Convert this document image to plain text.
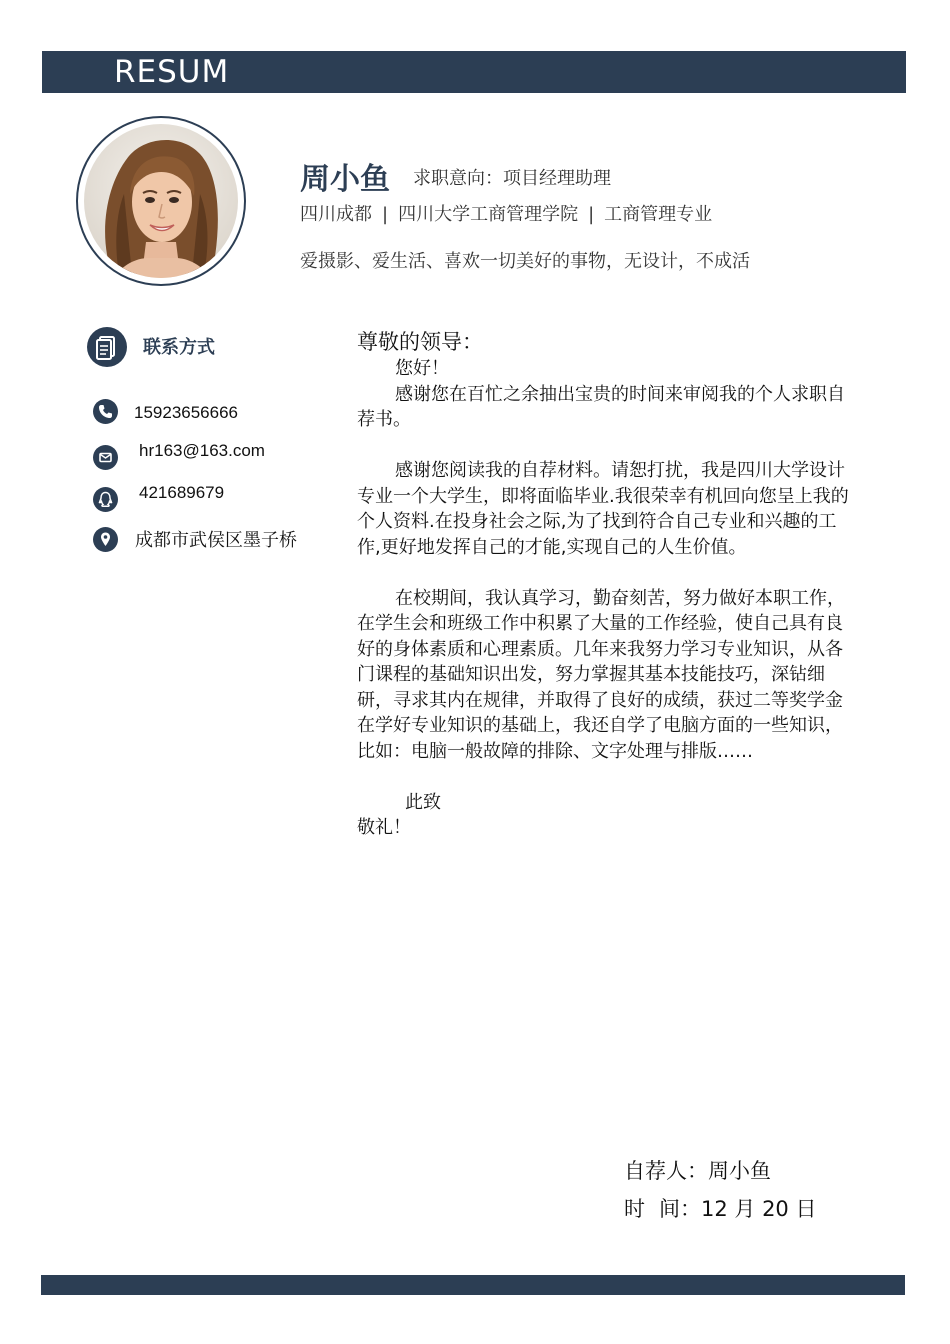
RESUM
周小鱼 求职意向：项目经理助理
四川成都 | 四川大学工商管理学院 | 工商管理专业
爱摄影、爱生活、喜欢一切美好的事物，无设计，不成活
联系方式
15923656666
hr163@163.com
421689679
成都市武侯区墨子桥

尊敬的领导：

您好！

感谢您在百忙之余抽出宝贵的时间来审阅我的个人求职自荐书。

感谢您阅读我的自荐材料。请恕打扰，我是四川大学设计专业一个大学生，即将面临毕业.我很荣幸有机回向您呈上我的个人资料.在投身社会之际,为了找到符合自己专业和兴趣的工作,更好地发挥自己的才能,实现自己的人生价值。

在校期间，我认真学习，勤奋刻苦，努力做好本职工作，在学生会和班级工作中积累了大量的工作经验，使自己具有良好的身体素质和心理素质。几年来我努力学习专业知识，从各门课程的基础知识出发，努力掌握其基本技能技巧，深钻细研，寻求其内在规律，并取得了良好的成绩，获过二等奖学金在学好专业知识的基础上，我还自学了电脑方面的一些知识，比如：电脑一般故障的排除、文字处理与排版……

此致

敬礼！

自荐人：周小鱼
时 间：12 月 20 日
